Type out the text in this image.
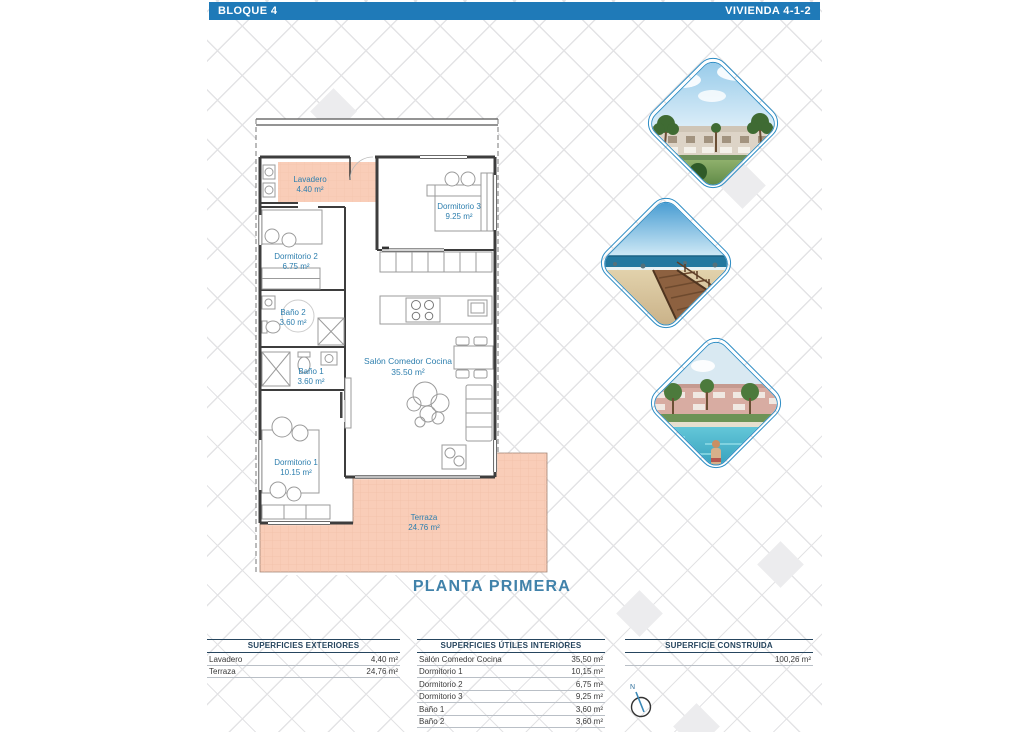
BLOQUE 4	VIVIENDA 4-1-2
Lavadero
4.40 m²
Dormitorio 3
9.25 m²
Dormitorio 2
6.75 m²
Baño 2
3.60 m²
Baño 1
3.60 m²
Dormitorio 1
10.15 m²
Salón Comedor Cocina
35.50 m²
Terraza
24.76 m²
PLANTA PRIMERA
SUPERFICIES EXTERIORES
Lavadero	4,40 m²
Terraza	24,76 m²
SUPERFICIES ÚTILES INTERIORES
Salón Comedor Cocina	35,50 m²
Dormitorio 1	10,15 m²
Dormitorio 2	6,75 m²
Dormitorio 3	9,25 m²
Baño 1	3,60 m²
Baño 2	3,60 m²
SUPERFICIE CONSTRUIDA
100,26 m²
N
